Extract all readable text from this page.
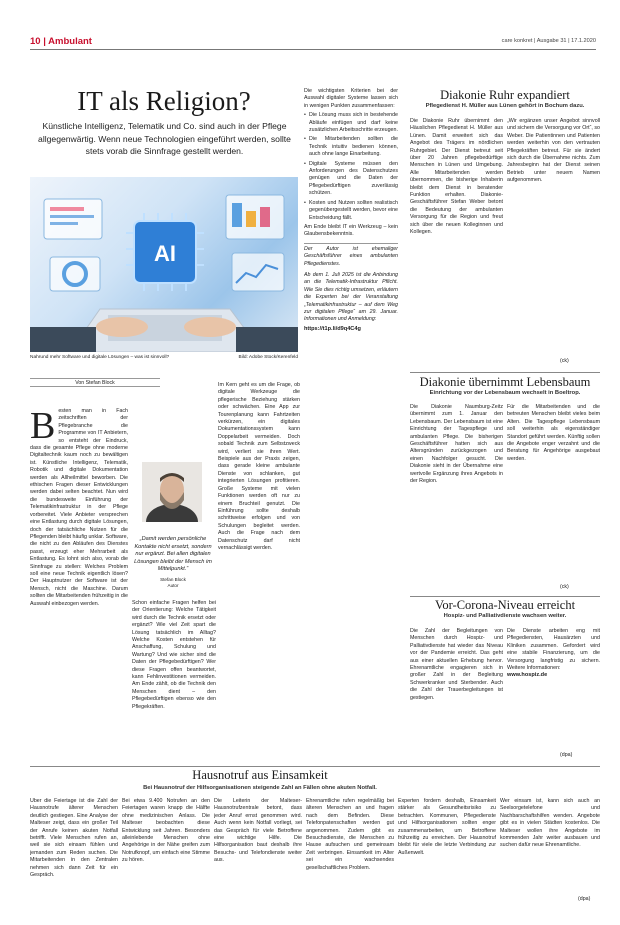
10 | Ambulant	care konkret | Ausgabe 31 | 17.1.2020
IT als Religion?
Künstliche Intelligenz, Telematik und Co. sind auch in der Pflege allgegenwärtig. Wenn neue Technologien eingeführt werden, sollte stets vorab die Sinnfrage gestellt werden.
AI
Nahrund mehr Software und digitale Lösungen – was ist sinnvoll?	Bild: Adobe Stock/Kerenfeld
Von Stefan Block
B esten man in Fach zeitschriften der Pflegebranche die Programme von IT Anbietern, so entsteht der Eindruck, dass die gesamte Pflege ohne moderne Digitaltechnik kaum noch zu bewältigen ist. Künstliche Intelligenz, Telematik, Robotik und digitale Dokumentation werden als Allheilmittel beworben. Die ethischen Fragen dieser Entwicklungen werden dabei selten beachtet. Nun wird die bundesweite Einführung der Telematikinfrastruktur in der Pflege vorbereitet. Viele Anbieter versprechen eine Entlastung durch digitale Lösungen, doch der tatsächliche Nutzen für die Pflegenden bleibt häufig unklar. Software, die nicht zu den Abläufen des Dienstes passt, erzeugt eher Mehrarbeit als Entlastung. Es lohnt sich also, vorab die Sinnfrage zu stellen: Welches Problem soll eine neue Technik eigentlich lösen? Der Hauptnutzer der Software ist der Mensch, nicht die Maschine. Darum sollten die Mitarbeitenden frühzeitig in die Auswahl einbezogen werden.
„Damit werden persönliche Kontakte nicht ersetzt, sondern nur ergänzt. Bei allen digitalen Lösungen bleibt der Mensch im Mittelpunkt.“
Stefan Block
Autor
Schon einfache Fragen helfen bei der Orientierung: Welche Tätigkeit wird durch die Technik ersetzt oder ergänzt? Wie viel Zeit spart die Lösung tatsächlich im Alltag? Welche Kosten entstehen für Anschaffung, Schulung und Wartung? Und wie sicher sind die Daten der Pflegebedürftigen? Wer diese Fragen offen beantwortet, kann Fehlinvestitionen vermeiden. Am Ende zählt, ob die Technik den Menschen dient – den Pflegebedürftigen ebenso wie den Pflegekräften.
Im Kern geht es um die Frage, ob digitale Werkzeuge die pflegerische Beziehung stärken oder schwächen. Eine App zur Tourenplanung kann Fahrtzeiten verkürzen, ein digitales Dokumentationssystem kann Doppelarbeit vermeiden. Doch sobald Technik zum Selbstzweck wird, verliert sie ihren Wert. Beispiele aus der Praxis zeigen, dass gerade kleine ambulante Dienste von schlanken, gut integrierten Lösungen profitieren. Große Systeme mit vielen Funktionen werden oft nur zu einem Bruchteil genutzt. Die Einführung sollte deshalb schrittweise erfolgen und von Schulungen begleitet werden. Auch die Frage nach dem Datenschutz darf nicht vernachlässigt werden.

Die wichtigsten Kriterien bei der Auswahl digitaler Systeme lassen sich in wenigen Punkten zusammenfassen:

• Die Lösung muss sich in bestehende Abläufe einfügen und darf keine zusätzlichen Arbeitsschritte erzeugen.
• Die Mitarbeitenden sollten die Technik intuitiv bedienen können, auch ohne lange Einarbeitung.
• Digitale Systeme müssen den Anforderungen des Datenschutzes genügen und die Daten der Pflegebedürftigen zuverlässig schützen.
• Kosten und Nutzen sollten realistisch gegenübergestellt werden, bevor eine Entscheidung fällt.

Am Ende bleibt IT ein Werkzeug – kein Glaubensbekenntnis.

Der Autor ist ehemaliger Geschäftsführer eines ambulanten Pflegedienstes.

Ab dem 1. Juli 2025 ist die Anbindung an die Telematik-Infrastruktur Pflicht. Wie Sie dies richtig umsetzen, erläutern die Experten bei der Veranstaltung „Telematikinfrastruktur – auf dem Weg zur digitalen Pflege“ am 29. Januar. Informationen und Anmeldung:

https://t1p.li/d9q4C4g

Diakonie Ruhr expandiert
Pflegedienst H. Müller aus Lünen gehört in Bochum dazu.
Die Diakonie Ruhr übernimmt den Häuslichen Pflegedienst H. Müller aus Lünen. Damit erweitert sich das Angebot des Trägers im nördlichen Ruhrgebiet. Der Dienst betreut seit über 20 Jahren pflegebedürftige Menschen in Lünen und Umgebung. Alle Mitarbeitenden werden übernommen, die bisherige Inhaberin bleibt dem Dienst in beratender Funktion erhalten. Diakonie-Geschäftsführer Stefan Weber betont die Bedeutung der ambulanten Versorgung für die Region und freut sich über die neuen Kolleginnen und Kollegen.
„Wir ergänzen unser Angebot sinnvoll und sichern die Versorgung vor Ort“, so Weber. Die Patientinnen und Patienten werden weiterhin von den vertrauten Pflegekräften betreut. Für sie ändert sich durch die Übernahme nichts. Zum Jahresbeginn hat der Dienst seinen Betrieb unter neuem Namen aufgenommen.
(ck)
Diakonie übernimmt Lebensbaum
Einrichtung vor der Lebensbaum wechselt in Boeltrop.
Die Diakonie Naumburg-Zeitz übernimmt zum 1. Januar den Lebensbaum. Der Lebensbaum ist eine Einrichtung der Tagespflege und ambulanten Pflege. Die bisherigen Geschäftsführer hatten sich aus Altersgründen zurückgezogen und einen Nachfolger gesucht. Die Diakonie sieht in der Übernahme eine wertvolle Ergänzung ihres Angebots in der Region.
Für die Mitarbeitenden und die betreuten Menschen bleibt vieles beim Alten. Die Tagespflege Lebensbaum soll weiterhin als eigenständiger Standort geführt werden. Künftig sollen die Angebote enger verzahnt und die Beratung für Angehörige ausgebaut werden.
(ck)
Vor-Corona-Niveau erreicht
Hospiz- und Palliativdienste wachsen weiter.
Die Zahl der Begleitungen von Menschen durch Hospiz- und Palliativdienste hat wieder das Niveau vor der Pandemie erreicht. Das geht aus einer aktuellen Erhebung hervor. Ehrenamtliche engagieren sich in großer Zahl in der Begleitung Schwerkranker und Sterbender. Auch die Zahl der Trauerbegleitungen ist gestiegen.
Die Dienste arbeiten eng mit Pflegediensten, Hausärzten und Kliniken zusammen. Gefordert wird eine stabile Finanzierung, um die Versorgung langfristig zu sichern. Weitere Informationen:
www.hospiz.de
(dpa)
Hausnotruf aus Einsamkeit
Bei Hausnotruf der Hilfsorganisationen steigende Zahl an Fällen ohne akuten Notfall.
Über die Feiertage ist die Zahl der Hausnotrufe älterer Menschen deutlich gestiegen. Eine Analyse der Malteser zeigt, dass ein großer Teil der Anrufe keinen akuten Notfall betrifft. Viele Menschen rufen an, weil sie sich einsam fühlen und jemanden zum Reden suchen. Die Mitarbeitenden in den Zentralen nehmen sich dann Zeit für ein Gespräch.
Bei etwa 9.400 Notrufen an den Feiertagen waren knapp die Hälfte ohne medizinischen Anlass. Die Malteser beobachten diese Entwicklung seit Jahren. Besonders alleinlebende Menschen ohne Angehörige in der Nähe greifen zum Notrufknopf, um einfach eine Stimme zu hören.
Die Leiterin der Malteser-Hausnotrufzentrale betont, dass jeder Anruf ernst genommen wird. Auch wenn kein Notfall vorliegt, sei das Gespräch für viele Betroffene eine wichtige Hilfe. Die Hilfsorganisation baut deshalb ihre Besuchs- und Telefondienste weiter aus.
Ehrenamtliche rufen regelmäßig bei älteren Menschen an und fragen nach dem Befinden. Diese Telefonpatenschaften werden gut angenommen. Zudem gibt es Besuchsdienste, die Menschen zu Hause aufsuchen und gemeinsam Zeit verbringen. Einsamkeit im Alter sei ein wachsendes gesellschaftliches Problem.
Experten fordern deshalb, Einsamkeit stärker als Gesundheitsrisiko zu betrachten. Kommunen, Pflegedienste und Hilfsorganisationen sollten enger zusammenarbeiten, um Betroffene frühzeitig zu erreichen. Der Hausnotruf bleibt für viele die letzte Verbindung zur Außenwelt.
Wer einsam ist, kann sich auch an Seelsorgetelefone und Nachbarschaftshilfen wenden. Angebote gibt es in vielen Städten kostenlos. Die Malteser wollen ihre Angebote im kommenden Jahr weiter ausbauen und suchen dafür neue Ehrenamtliche.
(dpa)
